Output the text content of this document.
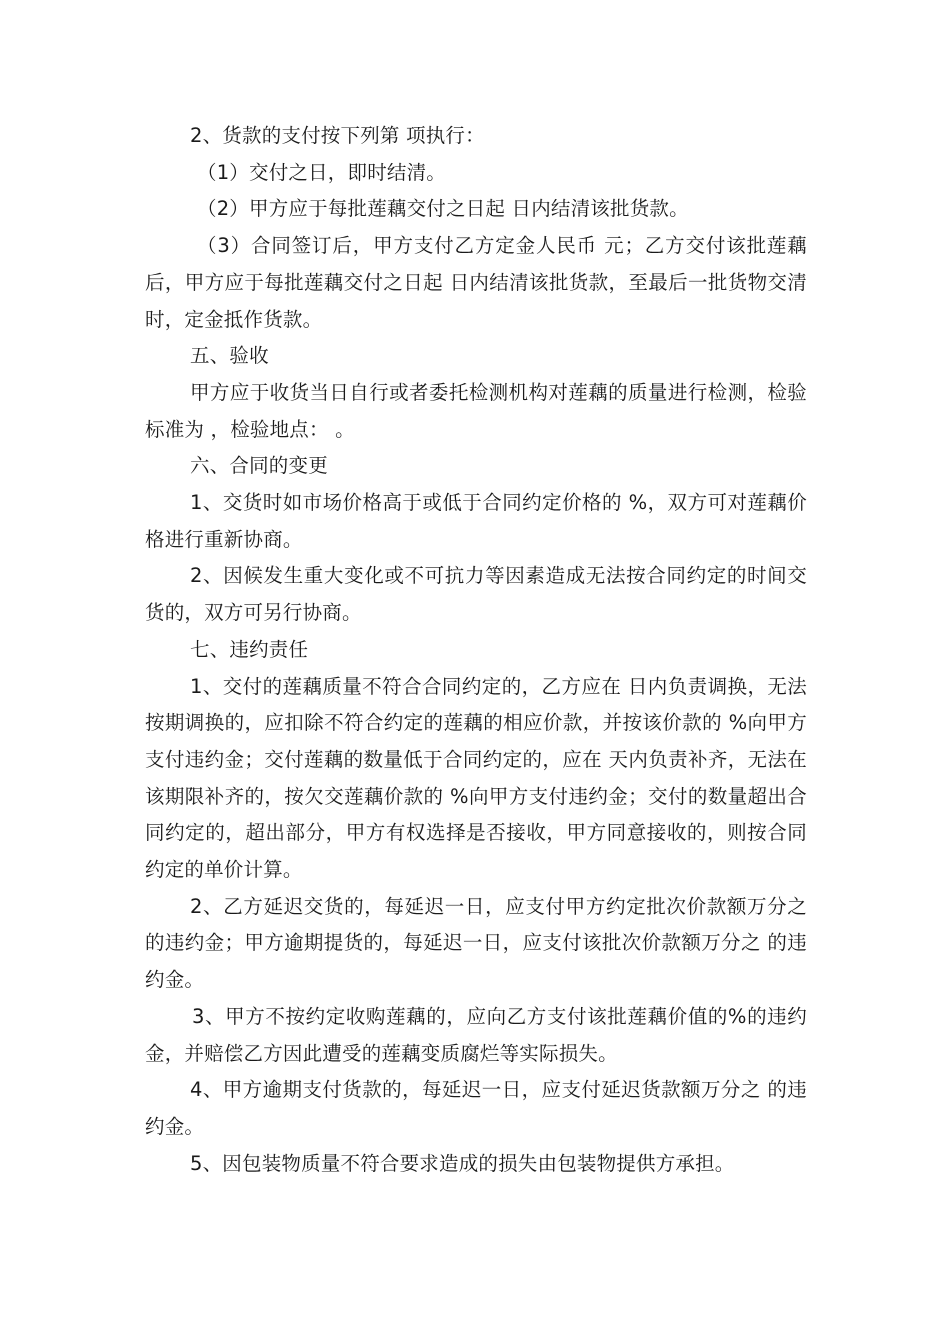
2、货款的支付按下列第 项执行：

（1）交付之日，即时结清。

（2）甲方应于每批莲藕交付之日起 日内结清该批货款。

（3）合同签订后，甲方支付乙方定金人民币 元；乙方交付该批莲藕后，甲方应于每批莲藕交付之日起 日内结清该批货款，至最后一批货物交清时，定金抵作货款。

五、验收

甲方应于收货当日自行或者委托检测机构对莲藕的质量进行检测，检验标准为 ，检验地点： 。

六、合同的变更

1、交货时如市场价格高于或低于合同约定价格的 %，双方可对莲藕价格进行重新协商。

2、因候发生重大变化或不可抗力等因素造成无法按合同约定的时间交货的，双方可另行协商。

七、违约责任

1、交付的莲藕质量不符合合同约定的，乙方应在 日内负责调换，无法按期调换的，应扣除不符合约定的莲藕的相应价款，并按该价款的 %向甲方支付违约金；交付莲藕的数量低于合同约定的，应在 天内负责补齐，无法在该期限补齐的，按欠交莲藕价款的 %向甲方支付违约金；交付的数量超出合同约定的，超出部分，甲方有权选择是否接收，甲方同意接收的，则按合同约定的单价计算。

2、乙方延迟交货的，每延迟一日，应支付甲方约定批次价款额万分之 的违约金；甲方逾期提货的，每延迟一日，应支付该批次价款额万分之 的违约金。

3、甲方不按约定收购莲藕的，应向乙方支付该批莲藕价值的%的违约金，并赔偿乙方因此遭受的莲藕变质腐烂等实际损失。

4、甲方逾期支付货款的，每延迟一日，应支付延迟货款额万分之 的违约金。

5、因包装物质量不符合要求造成的损失由包装物提供方承担。
